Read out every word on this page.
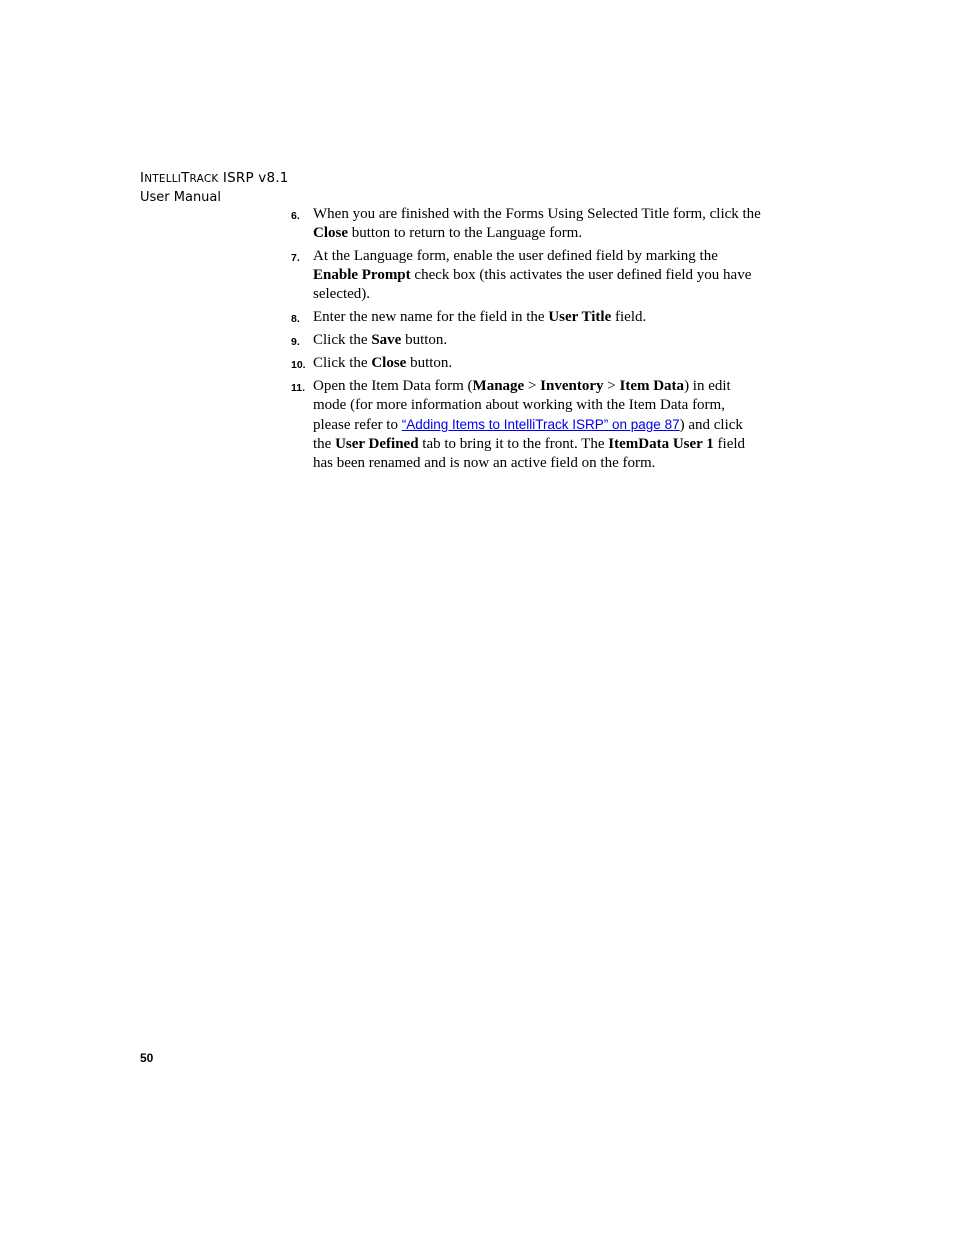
INTELLITRACK ISRP v8.1
User Manual
6. When you are finished with the Forms Using Selected Title form, click the Close button to return to the Language form.
7. At the Language form, enable the user defined field by marking the Enable Prompt check box (this activates the user defined field you have selected).
8. Enter the new name for the field in the User Title field.
9. Click the Save button.
10. Click the Close button.
11. Open the Item Data form (Manage > Inventory > Item Data) in edit mode (for more information about working with the Item Data form, please refer to “Adding Items to IntelliTrack ISRP” on page 87) and click the User Defined tab to bring it to the front. The ItemData User 1 field has been renamed and is now an active field on the form.
50
